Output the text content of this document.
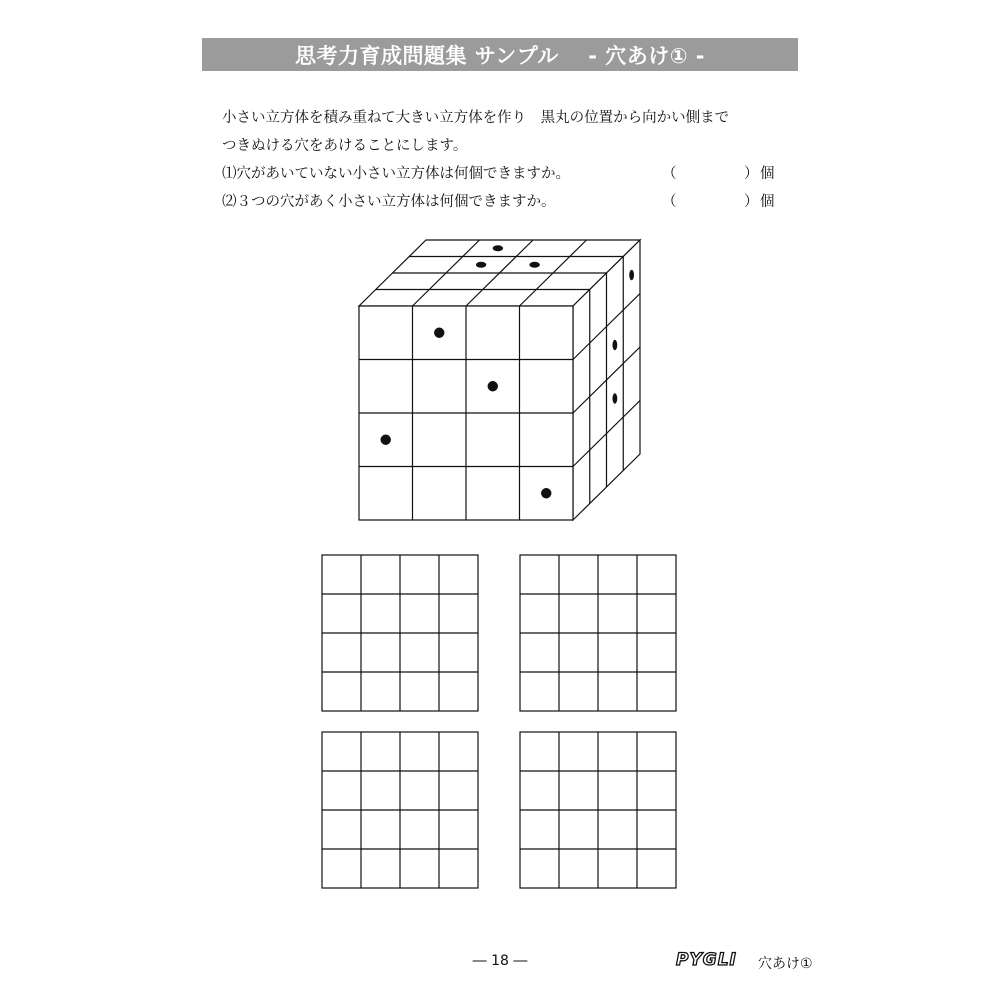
思考力育成問題集 サンプル
　 - 穴あけ① -
小さい立方体を積み重ねて大きい立方体を作り　黒丸の位置から向かい側まで
つきぬける穴をあけることにします。
⑴穴があいていない小さい立方体は何個できますか。	（	） 個
⑵３つの穴があく小さい立方体は何個できますか。	（	） 個
― 18 ―	PYGLI 穴あけ①
